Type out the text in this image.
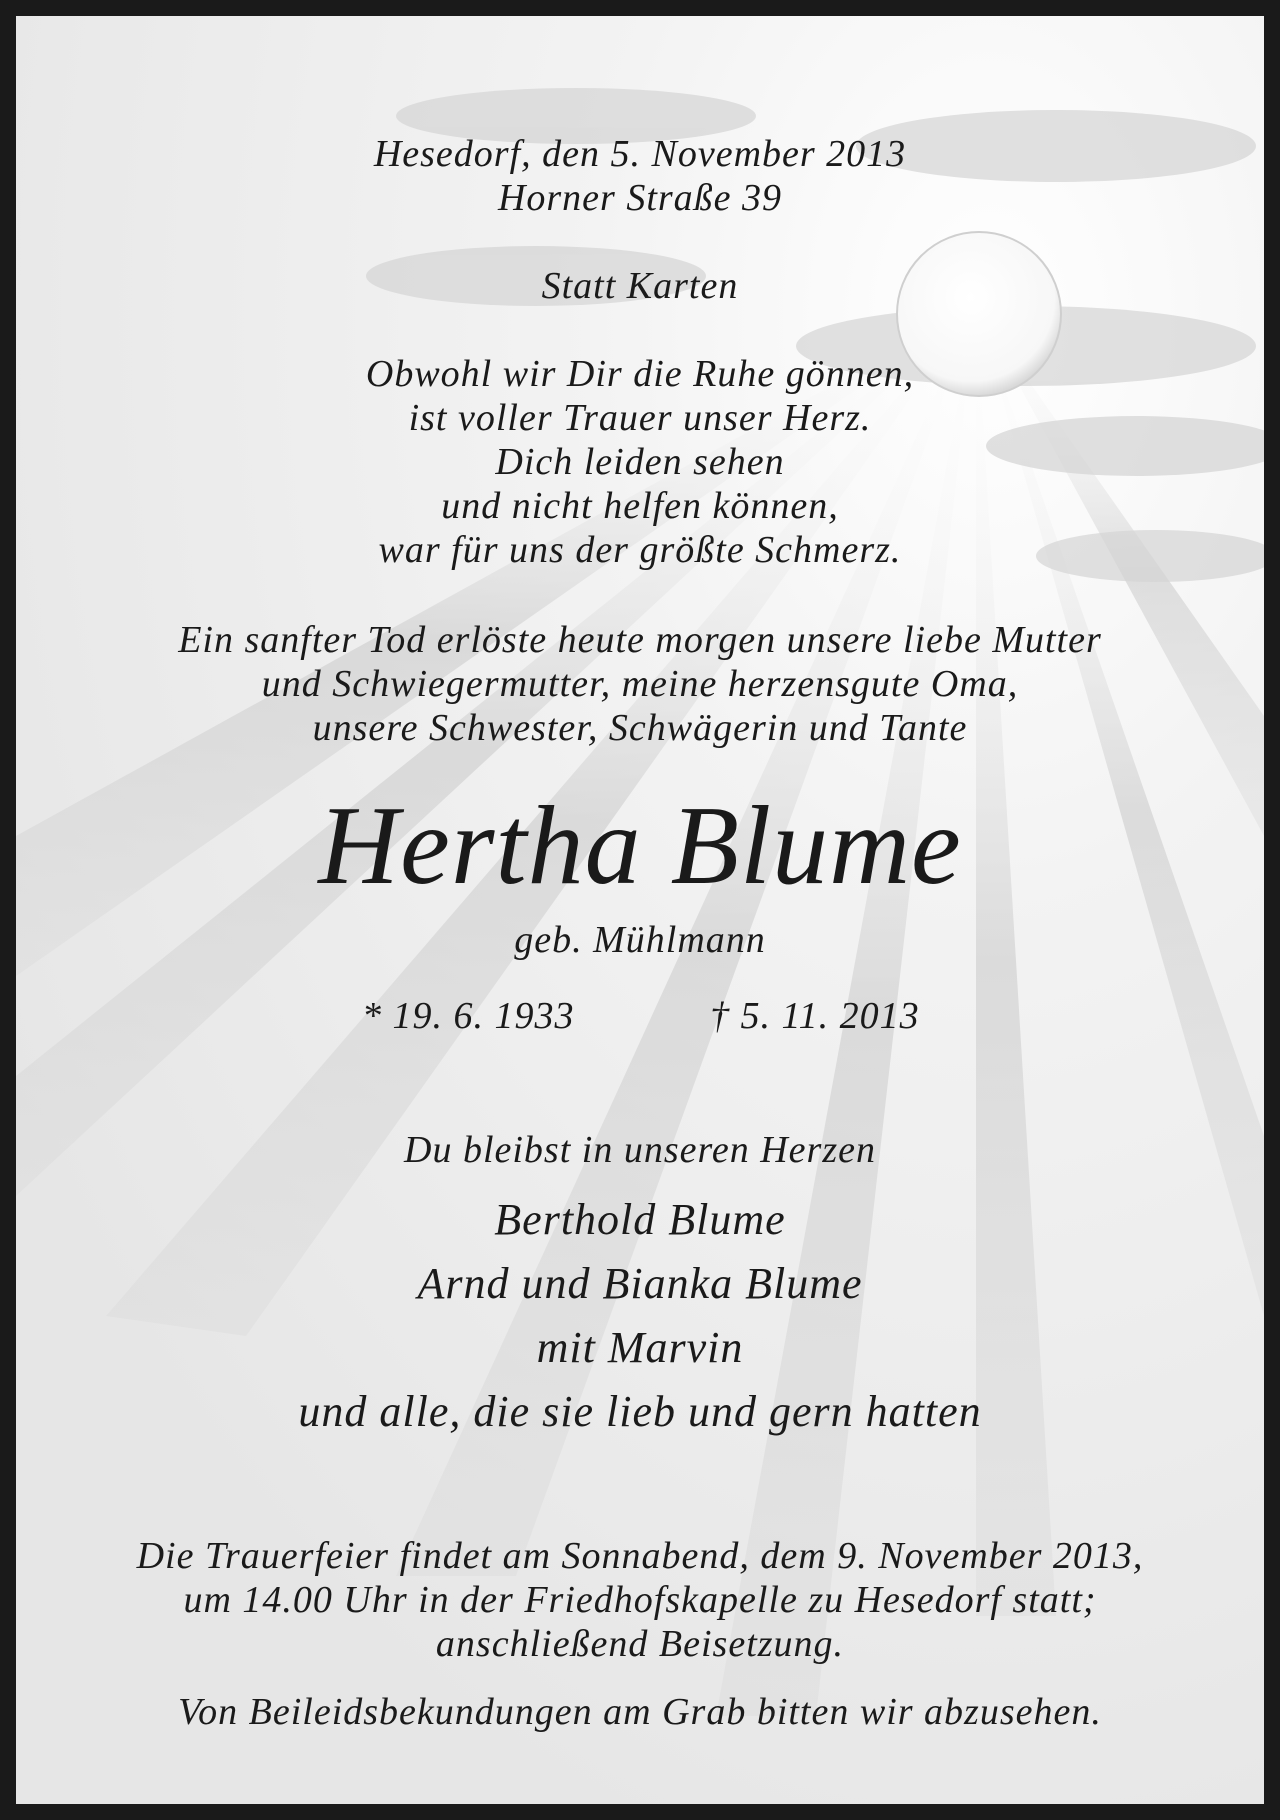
Hesedorf, den 5. November 2013
Horner Straße 39
Statt Karten
Obwohl wir Dir die Ruhe gönnen,
ist voller Trauer unser Herz.
Dich leiden sehen
und nicht helfen können,
war für uns der größte Schmerz.
Ein sanfter Tod erlöste heute morgen unsere liebe Mutter
und Schwiegermutter, meine herzensgute Oma,
unsere Schwester, Schwägerin und Tante
Hertha Blume
geb. Mühlmann
* 19. 6. 1933	† 5. 11. 2013
Du bleibst in unseren Herzen
Berthold Blume
Arnd und Bianka Blume
mit Marvin
und alle, die sie lieb und gern hatten
Die Trauerfeier findet am Sonnabend, dem 9. November 2013,
um 14.00 Uhr in der Friedhofskapelle zu Hesedorf statt;
anschließend Beisetzung.
Von Beileidsbekundungen am Grab bitten wir abzusehen.
